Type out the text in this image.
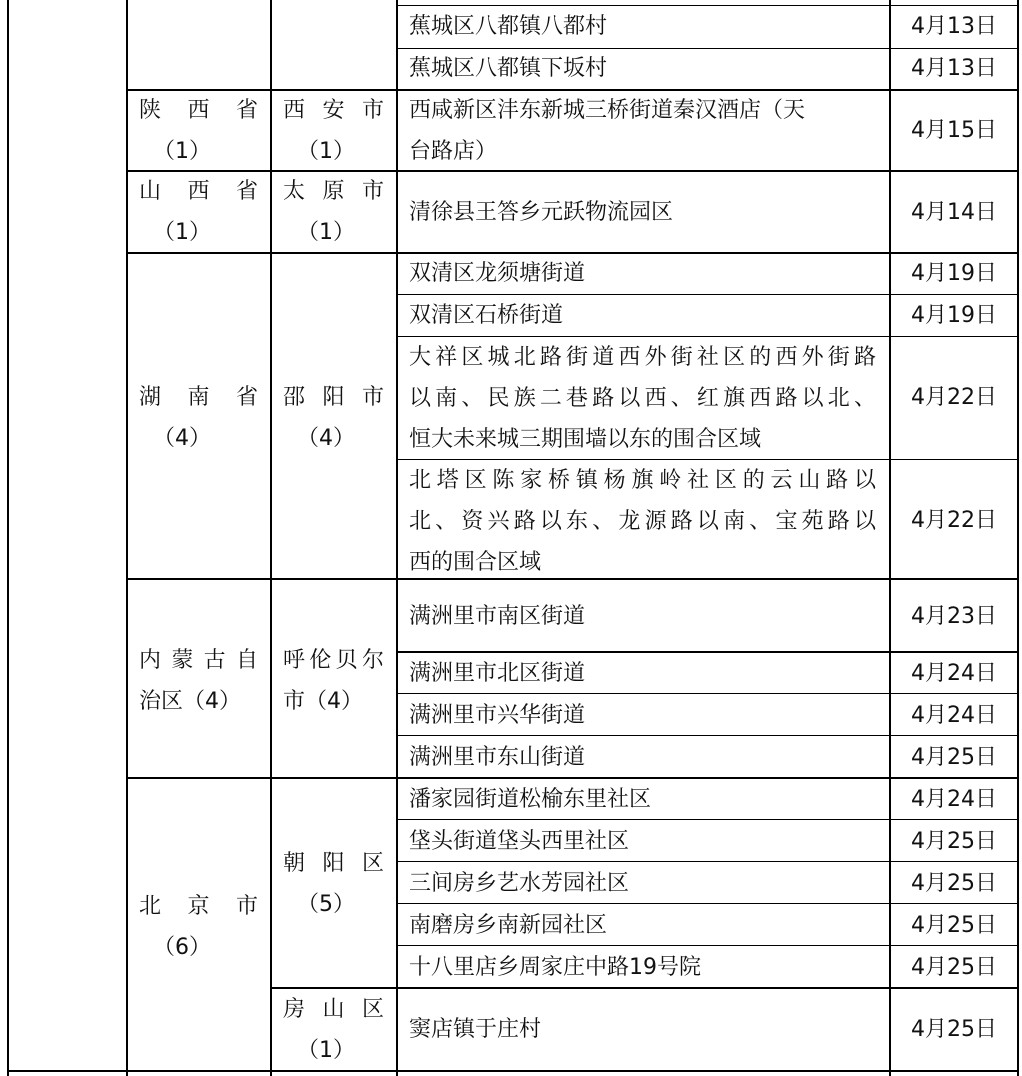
蕉城区八都镇八都村
蕉城区八都镇下坂村
西咸新区沣东新城三桥街道秦汉酒店（天
台路店）
清徐县王答乡元跃物流园区
双清区龙须塘街道
双清区石桥街道
大祥区城北路街道西外街社区的西外街路
以南、民族二巷路以西、红旗西路以北、
恒大未来城三期围墙以东的围合区域
北塔区陈家桥镇杨旗岭社区的云山路以
北、资兴路以东、龙源路以南、宝苑路以
西的围合区域
满洲里市南区街道
满洲里市北区街道
满洲里市兴华街道
满洲里市东山街道
潘家园街道松榆东里社区
垡头街道垡头西里社区
三间房乡艺水芳园社区
南磨房乡南新园社区
十八里店乡周家庄中路19号院
窦店镇于庄村
4月13日
4月13日
4月15日
4月14日
4月19日
4月19日
4月22日
4月22日
4月23日
4月24日
4月24日
4月25日
4月24日
4月25日
4月25日
4月25日
4月25日
4月25日
陕西省
（1）
山西省
（1）
湖南省
（4）
内蒙古自
治区（4）
北京市
（6）
西安市
（1）
太原市
（1）
邵阳市
（4）
呼伦贝尔
市（4）
朝阳区
（5）
房山区
（1）
